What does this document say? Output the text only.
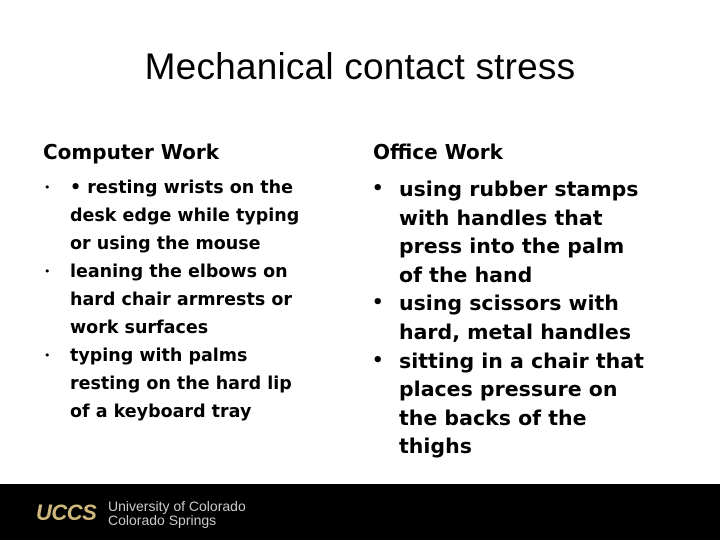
Mechanical contact stress
Computer Work	Office Work
• • resting wrists on the
desk edge while typing
or using the mouse
• leaning the elbows on
hard chair armrests or
work surfaces
• typing with palms
resting on the hard lip
of a keyboard tray
• using rubber stamps
with handles that
press into the palm
of the hand
• using scissors with
hard, metal handles
• sitting in a chair that
places pressure on
the backs of the
thighs
UCCS University of Colorado
Colorado Springs
